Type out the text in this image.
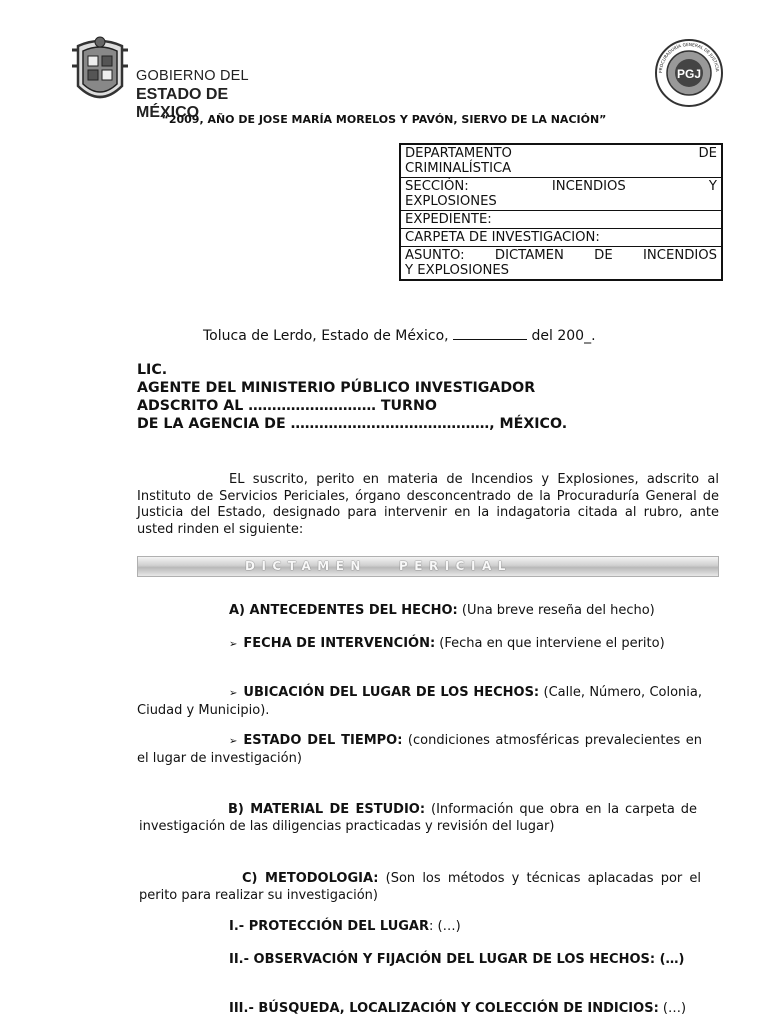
GOBIERNO DEL
ESTADO DE MÉXICO
PGJ
PROCURADURÍA GENERAL DE JUSTICIA
“2009, AÑO DE JOSE MARÍA MORELOS Y PAVÓN, SIERVO DE LA NACIÓN”
DEPARTAMENTO	DE
CRIMINALÍSTICA
SECCIÓN:	INCENDIOS	Y
EXPLOSIONES
EXPEDIENTE:
CARPETA DE INVESTIGACION:
ASUNTO: DICTAMEN DE INCENDIOS
Y EXPLOSIONES
Toluca de Lerdo, Estado de México,	del 200_.
LIC.
AGENTE DEL MINISTERIO PÚBLICO INVESTIGADOR
ADSCRITO AL ……………………… TURNO
DE LA AGENCIA DE ……………………………………, MÉXICO.
EL suscrito, perito en materia de Incendios y Explosiones, adscrito al Instituto de Servicios Periciales, órgano desconcentrado de la Procuraduría General de Justicia del Estado, designado para intervenir en la indagatoria citada al rubro, ante usted rinden el siguiente:
DICTAMEN   PERICIAL
A) ANTECEDENTES DEL HECHO: (Una breve reseña del hecho)
➢ FECHA DE INTERVENCIÓN: (Fecha en que interviene el perito)
➢ UBICACIÓN DEL LUGAR DE LOS HECHOS: (Calle, Número, Colonia, Ciudad y Municipio).
➢ ESTADO DEL TIEMPO: (condiciones atmosféricas prevalecientes en el lugar de investigación)
B) MATERIAL DE ESTUDIO: (Información que obra en la carpeta de investigación de las diligencias practicadas y revisión del lugar)
C) METODOLOGIA: (Son los métodos y técnicas aplacadas por el perito para realizar su investigación)
I.- PROTECCIÓN DEL LUGAR: (…)
II.- OBSERVACIÓN Y FIJACIÓN DEL LUGAR DE LOS HECHOS: (…)
III.- BÚSQUEDA, LOCALIZACIÓN Y COLECCIÓN DE INDICIOS: (…)
